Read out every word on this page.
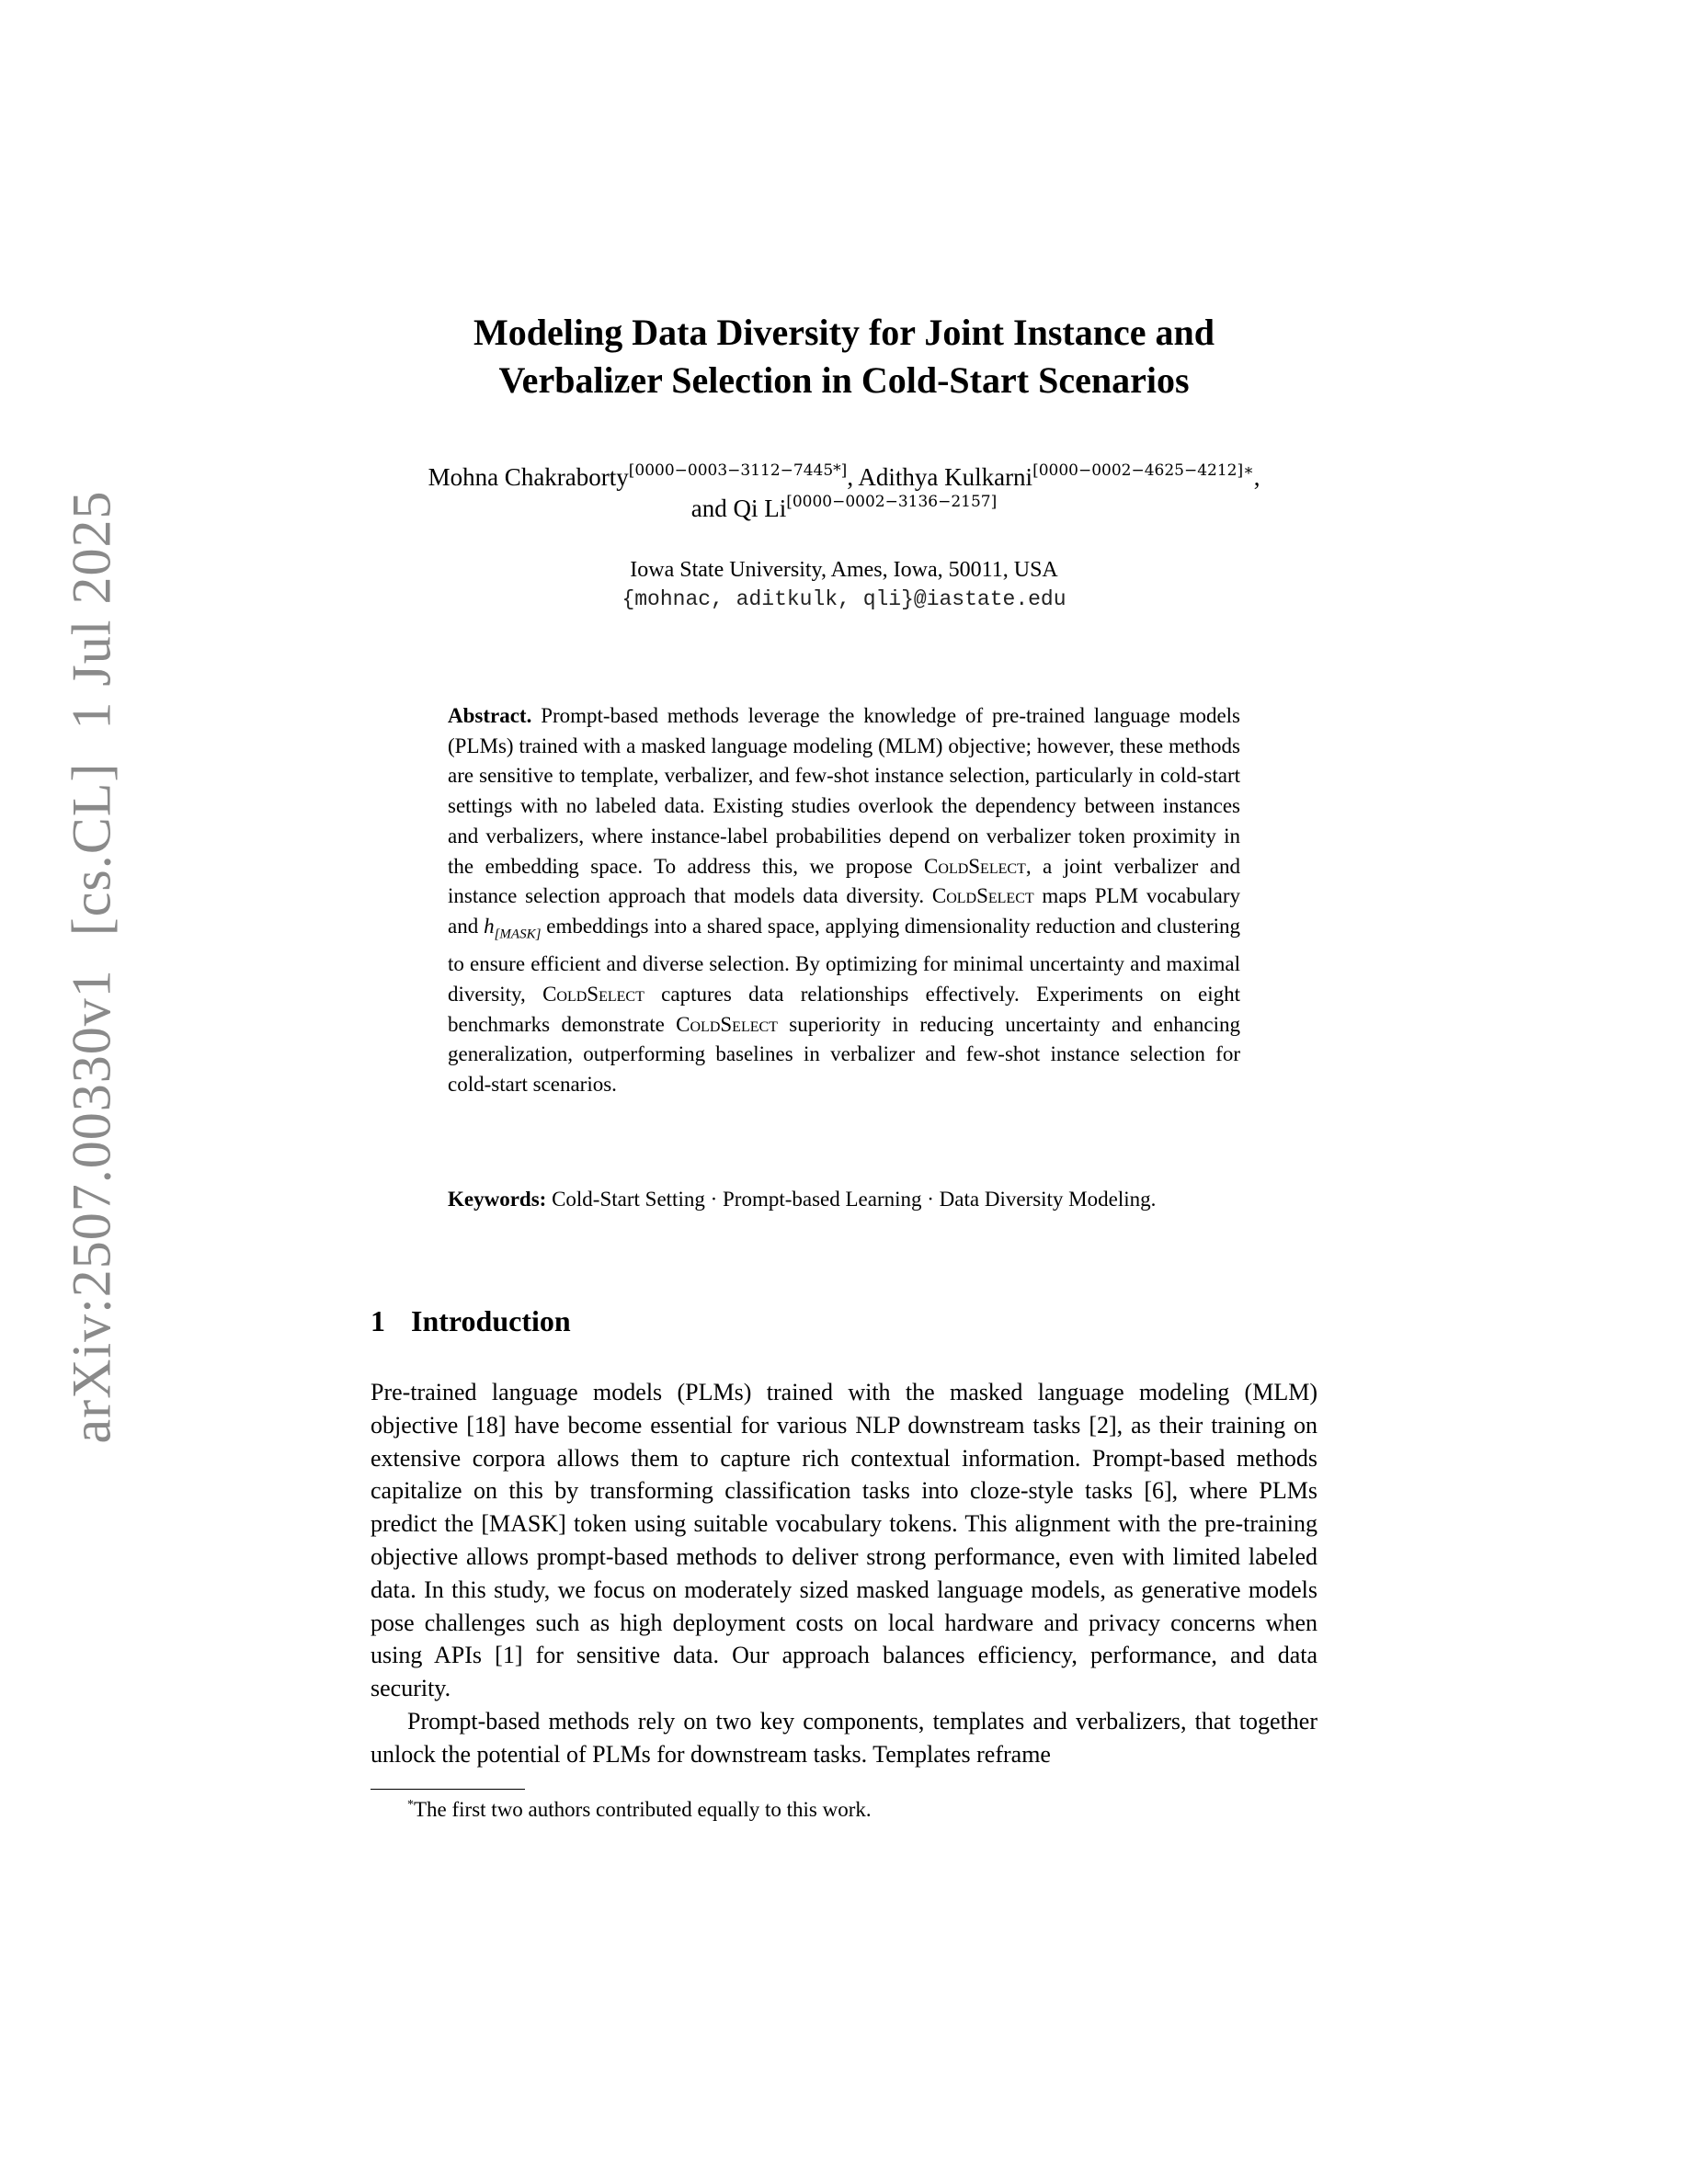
arXiv:2507.00330v1 [cs.CL] 1 Jul 2025
Modeling Data Diversity for Joint Instance and
Verbalizer Selection in Cold-Start Scenarios
Mohna Chakraborty[0000−0003−3112−7445*], Adithya Kulkarni$^{[0000-0002-4625-4212]∗}$,
and Qi Li[0000−0002−3136−2157]
Iowa State University, Ames, Iowa, 50011, USA
{mohnac, aditkulk, qli}@iastate.edu
Abstract. Prompt-based methods leverage the knowledge of pre-trained language models (PLMs) trained with a masked language modeling (MLM) objective; however, these methods are sensitive to template, verbalizer, and few-shot instance selection, particularly in cold-start settings with no labeled data. Existing studies overlook the dependency between instances and verbalizers, where instance-label probabilities depend on verbalizer token proximity in the embedding space. To address this, we propose ColdSelect, a joint verbalizer and instance selection approach that models data diversity. ColdSelect maps PLM vocabulary and $h_{[MASK]}$ embeddings into a shared space, applying dimensionality reduction and clustering to ensure efficient and diverse selection. By optimizing for minimal uncertainty and maximal diversity, ColdSelect captures data relationships effectively. Experiments on eight benchmarks demonstrate ColdSelect superiority in reducing uncertainty and enhancing generalization, outperforming baselines in verbalizer and few-shot instance selection for cold-start scenarios.
Keywords: Cold-Start Setting · Prompt-based Learning · Data Diversity Modeling.
1 Introduction

Pre-trained language models (PLMs) trained with the masked language modeling (MLM) objective [18] have become essential for various NLP downstream tasks [2], as their training on extensive corpora allows them to capture rich contextual information. Prompt-based methods capitalize on this by transforming classification tasks into cloze-style tasks [6], where PLMs predict the [MASK] token using suitable vocabulary tokens. This alignment with the pre-training objective allows prompt-based methods to deliver strong performance, even with limited labeled data. In this study, we focus on moderately sized masked language models, as generative models pose challenges such as high deployment costs on local hardware and privacy concerns when using APIs [1] for sensitive data. Our approach balances efficiency, performance, and data security.

Prompt-based methods rely on two key components, templates and verbalizers, that together unlock the potential of PLMs for downstream tasks. Templates reframe

*The first two authors contributed equally to this work.
